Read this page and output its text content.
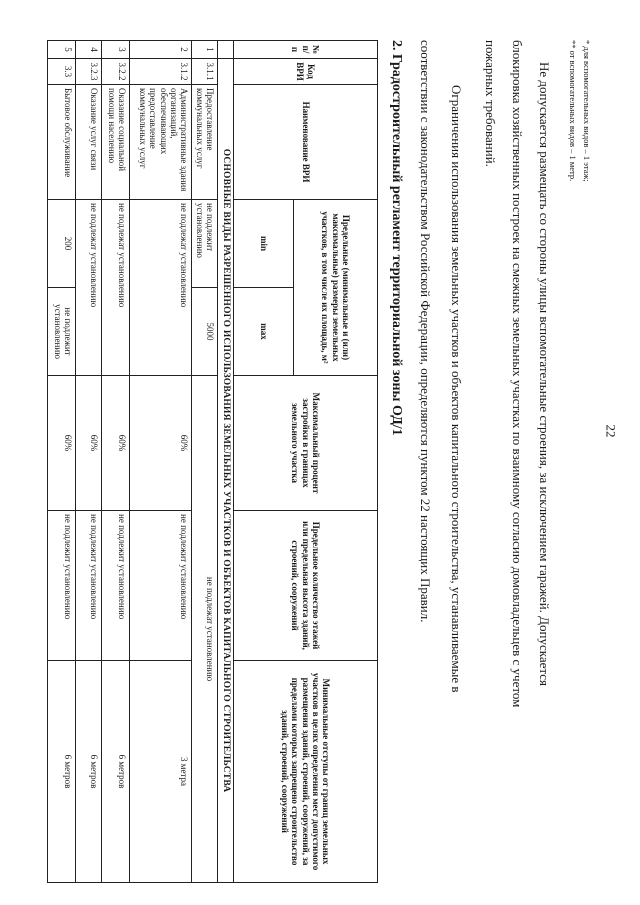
22
* для вспомогательных видов – 1 этаж;
** от вспомогательных видов – 1 метр.
Не допускается размещать со стороны улицы вспомогательные строения, за исключением гаражей. Допускается
блокировка хозяйственных построек на смежных земельных участках по взаимному согласию домовладельцев с учетом
пожарных требований.
Ограничения использования земельных участков и объектов капитального строительства, устанавливаемые в
соответствии с законодательством Российской Федерации, определяются пунктом 22 настоящих Правил.
2. Градостроительный регламент территориальной зоны ОД/1
№ п/п	Код ВРИ	Наименование ВРИ	Предельные (минимальные и (или) максимальные) размеры земельных участков, в том числе их площадь, м²		Максимальный процент застройки в границах земельного участка	Предельное количество этажей или предельная высота зданий, строений, сооружений	Минимальные отступы от границ земельных участков в целях определения мест допустимого размещения зданий, строений, сооружений, за пределами которых запрещено строительство зданий, строений, сооружений
			min	max			
	ОСНОВНЫЕ ВИДЫ РАЗРЕШЕННОГО ИСПОЛЬЗОВАНИЯ ЗЕМЕЛЬНЫХ УЧАСТКОВ И ОБЪЕКТОВ КАПИТАЛЬНОГО СТРОИТЕЛЬСТВА						
1	3.1.1	Предоставление коммунальных услуг	не подлежит установлению	5000	не подлежат установлению		
2	3.1.2	Административные здания организаций, обеспечивающих предоставление коммунальных услуг	не подлежат установлению		60%	не подлежит установлению	3 метра
3	3.2.2	Оказание социальной помощи населению	не подлежат установлению		60%	не подлежит установлению	6 метров
4	3.2.3	Оказание услуг связи	не подлежат установлению		60%	не подлежит установлению	6 метров
5	3.3	Бытовое обслуживание	200	не подлежит установлению	60%	не подлежит установлению	6 метров
